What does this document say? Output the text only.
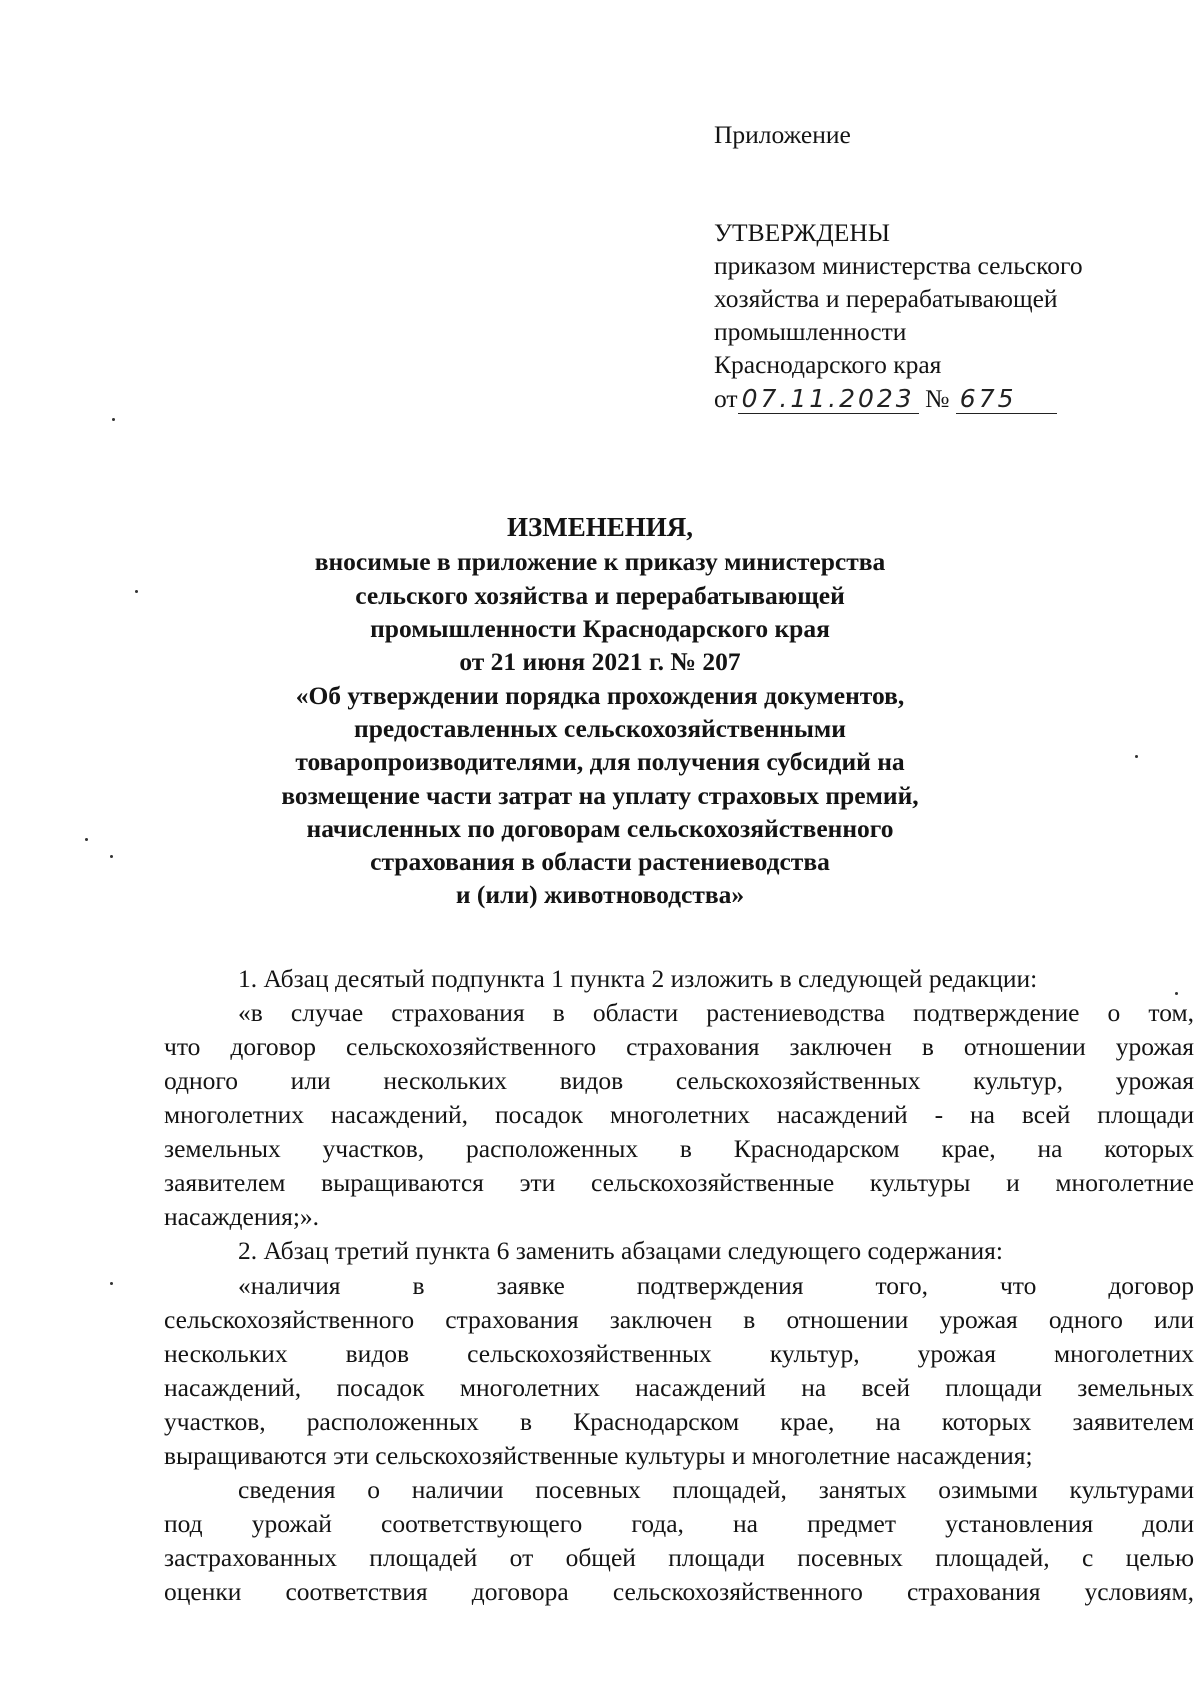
Приложение
УТВЕРЖДЕНЫ
приказом министерства сельского
хозяйства и перерабатывающей
промышленности
Краснодарского края
от 07.11.2023 № 675
ИЗМЕНЕНИЯ,
вносимые в приложение к приказу министерства
сельского хозяйства и перерабатывающей
промышленности Краснодарского края
от 21 июня 2021 г. № 207
«Об утверждении порядка прохождения документов,
предоставленных сельскохозяйственными
товаропроизводителями, для получения субсидий на
возмещение части затрат на уплату страховых премий,
начисленных по договорам сельскохозяйственного
страхования в области растениеводства
и (или) животноводства»
1. Абзац десятый подпункта 1 пункта 2 изложить в следующей редакции:
«в случае страхования в области растениеводства подтверждение о том,
что договор сельскохозяйственного страхования заключен в отношении урожая
одного или нескольких видов сельскохозяйственных культур, урожая
многолетних насаждений, посадок многолетних насаждений - на всей площади
земельных участков, расположенных в Краснодарском крае, на которых
заявителем выращиваются эти сельскохозяйственные культуры и многолетние
насаждения;».
2. Абзац третий пункта 6 заменить абзацами следующего содержания:
«наличия в заявке подтверждения того, что договор
сельскохозяйственного страхования заключен в отношении урожая одного или
нескольких видов сельскохозяйственных культур, урожая многолетних
насаждений, посадок многолетних насаждений на всей площади земельных
участков, расположенных в Краснодарском крае, на которых заявителем
выращиваются эти сельскохозяйственные культуры и многолетние насаждения;
сведения о наличии посевных площадей, занятых озимыми культурами
под урожай соответствующего года, на предмет установления доли
застрахованных площадей от общей площади посевных площадей, с целью
оценки соответствия договора сельскохозяйственного страхования условиям,
